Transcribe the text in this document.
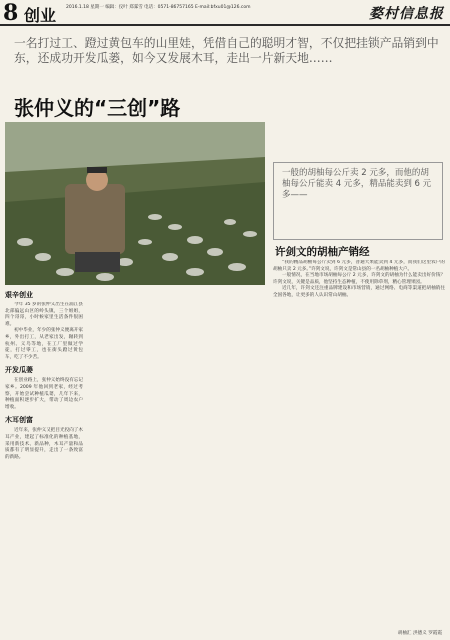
8 创业 2016.1.18 星期一 编辑：仪叶 郑霁雪 电话：0571-86757165 E-mail:bfxu01@126.com	婺村信息报
一名打过工、蹬过黄包车的山里娃，凭借自己的聪明才智，不仅把挂锁产品销到中东，还成功开发瓜蒌，如今又发展木耳，走出一片新天地……
张仲义的“三创”路
艰辛创业

今年 35 岁的张仲义出生在浦江县北部偏远山区的岭头镇，三个姐姐，四个哥哥，小时候家里生活条件很困难。

初中毕业，年少的张仲义便离开家乡，外出打工，从老家出发，辗转到杭州、义乌等地，在工厂里做过学徒，打过零工，也在街头蹬过黄包车，吃了不少苦。

开发瓜蒌

在创业路上，张仲义始终没有忘记家乡。2009 年他回到老家，经过考察，开始尝试种植瓜蒌，几年下来，种植面积逐步扩大，带动了周边农户增收。

木耳创富

近年来，张仲义又把目光投向了木耳产业，建起了标准化的种植基地，采用新技术、新品种，木耳产量和品质都有了明显提升，走出了一条致富的新路。

一般的胡柚每公斤卖 2 元多，而他的胡柚每公斤能卖 4 元多，精品能卖到 6 元多——
许剑文的胡柚产销经

“我的精品胡柚每公斤卖到 6 元多，普通大果能卖到 4 元多，而我们这里农户的胡柚只卖 2 元多。”许剑文说，许剑文是常山县的一名胡柚种植大户。

一般情况，在当地市场胡柚每公斤 2 元多，许剑文的胡柚为什么能卖出好价钱？许剑文说，关键是品质，他坚持生态种植，不使用除草剂，精心管理果园。

近几年，许剑文还注重品牌建设和市场营销，通过网络、电商等渠道把胡柚销往全国各地，让更多的人认识常山胡柚。

胡柚汇 洪德义 罗霞霞
